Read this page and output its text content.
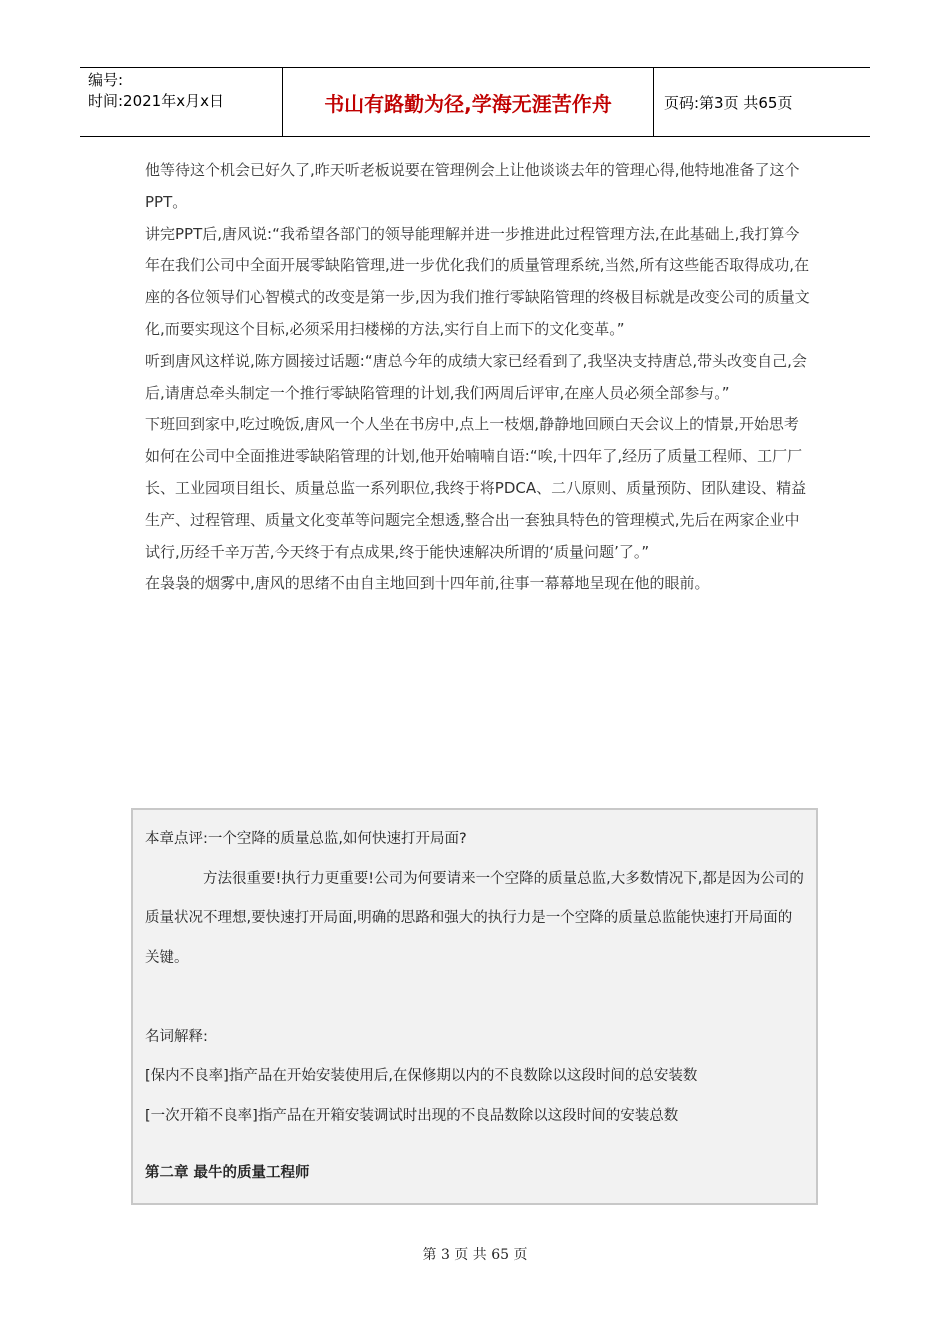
编号:
时间:2021年x月x日	书山有路勤为径,学海无涯苦作舟	页码:第3页 共65页

他等待这个机会已好久了,昨天听老板说要在管理例会上让他谈谈去年的管理心得,他特地准备了这个PPT。

讲完PPT后,唐风说:“我希望各部门的领导能理解并进一步推进此过程管理方法,在此基础上,我打算今年在我们公司中全面开展零缺陷管理,进一步优化我们的质量管理系统,当然,所有这些能否取得成功,在座的各位领导们心智模式的改变是第一步,因为我们推行零缺陷管理的终极目标就是改变公司的质量文化,而要实现这个目标,必须采用扫楼梯的方法,实行自上而下的文化变革。”

听到唐风这样说,陈方圆接过话题:“唐总今年的成绩大家已经看到了,我坚决支持唐总,带头改变自己,会后,请唐总牵头制定一个推行零缺陷管理的计划,我们两周后评审,在座人员必须全部参与。”

下班回到家中,吃过晚饭,唐风一个人坐在书房中,点上一枝烟,静静地回顾白天会议上的情景,开始思考如何在公司中全面推进零缺陷管理的计划,他开始喃喃自语:“唉,十四年了,经历了质量工程师、工厂厂长、工业园项目组长、质量总监一系列职位,我终于将PDCA、二八原则、质量预防、团队建设、精益生产、过程管理、质量文化变革等问题完全想透,整合出一套独具特色的管理模式,先后在两家企业中试行,历经千辛万苦,今天终于有点成果,终于能快速解决所谓的‘质量问题’了。”

在袅袅的烟雾中,唐风的思绪不由自主地回到十四年前,往事一幕幕地呈现在他的眼前。

本章点评:一个空降的质量总监,如何快速打开局面?

方法很重要!执行力更重要!公司为何要请来一个空降的质量总监,大多数情况下,都是因为公司的质量状况不理想,要快速打开局面,明确的思路和强大的执行力是一个空降的质量总监能快速打开局面的关键。

名词解释:

[保内不良率]指产品在开始安装使用后,在保修期以内的不良数除以这段时间的总安装数

[一次开箱不良率]指产品在开箱安装调试时出现的不良品数除以这段时间的安装总数

第二章 最牛的质量工程师

第 3 页 共 65 页
